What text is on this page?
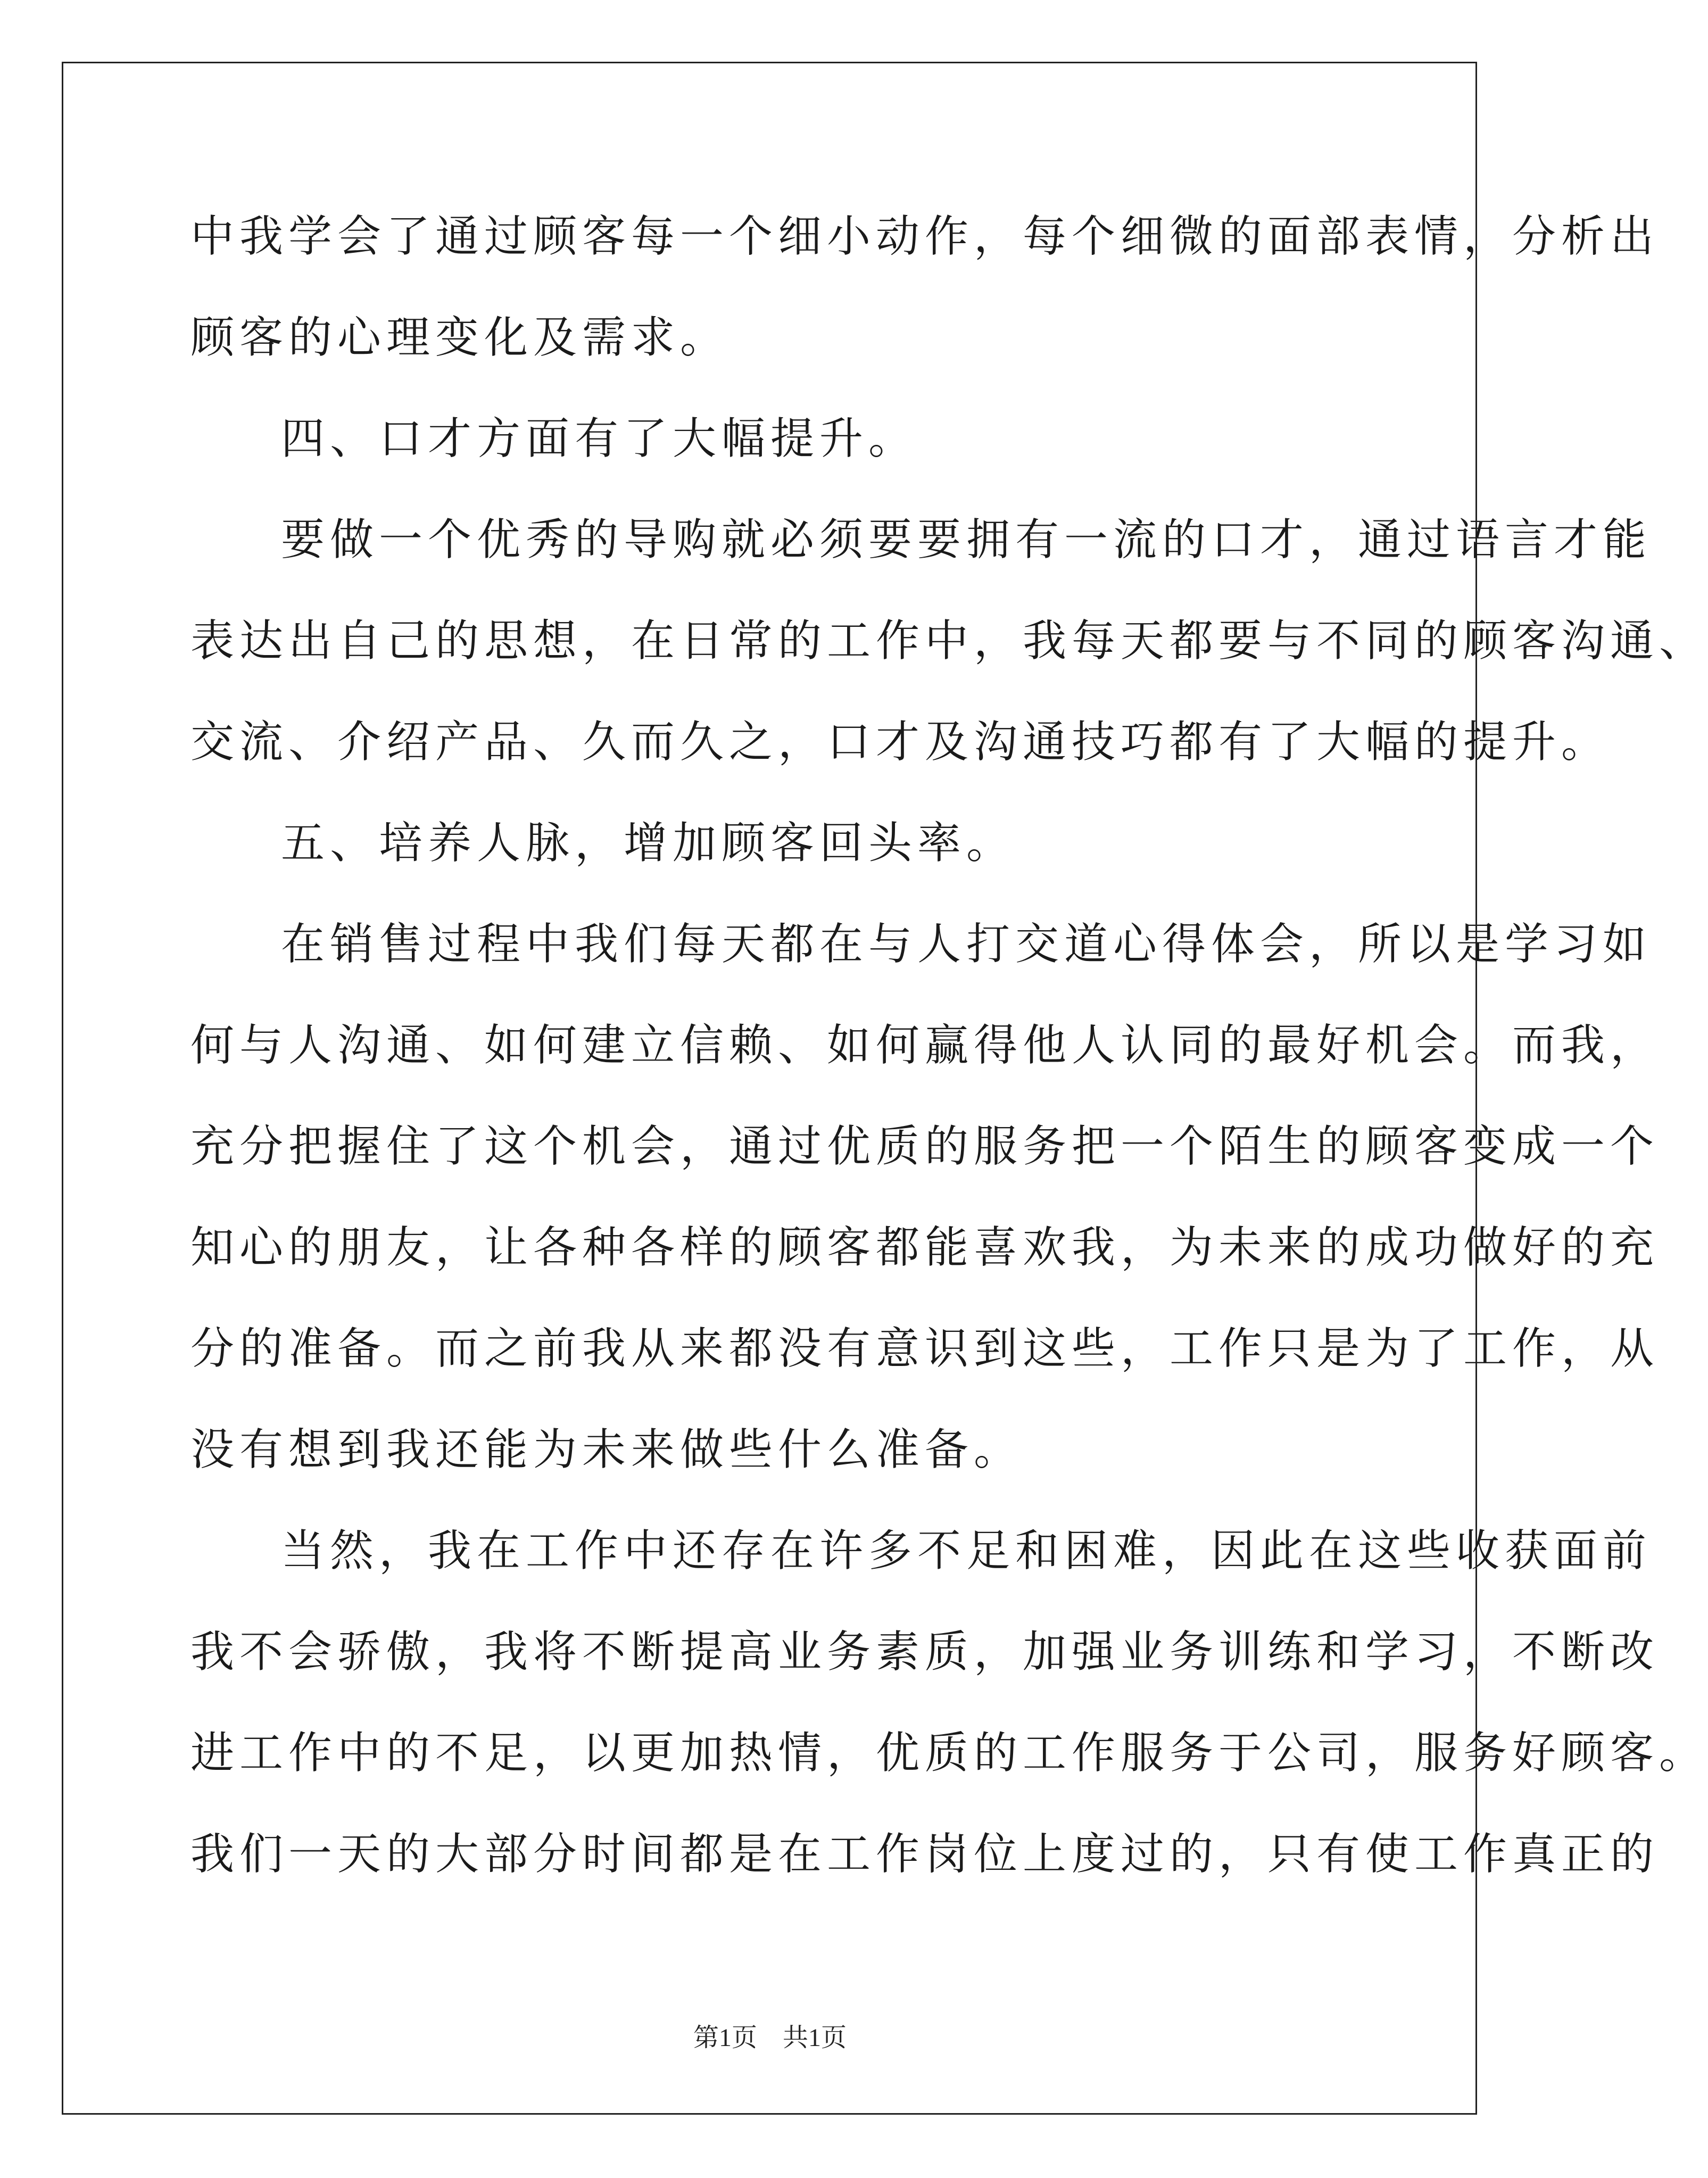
中我学会了通过顾客每一个细小动作，每个细微的面部表情，分析出
顾客的心理变化及需求。
四、口才方面有了大幅提升。
要做一个优秀的导购就必须要要拥有一流的口才，通过语言才能
表达出自己的思想，在日常的工作中，我每天都要与不同的顾客沟通、
交流、介绍产品、久而久之，口才及沟通技巧都有了大幅的提升。
五、培养人脉，增加顾客回头率。
在销售过程中我们每天都在与人打交道心得体会，所以是学习如
何与人沟通、如何建立信赖、如何赢得他人认同的最好机会。而我，
充分把握住了这个机会，通过优质的服务把一个陌生的顾客变成一个
知心的朋友，让各种各样的顾客都能喜欢我，为未来的成功做好的充
分的准备。而之前我从来都没有意识到这些，工作只是为了工作，从
没有想到我还能为未来做些什么准备。
当然，我在工作中还存在许多不足和困难，因此在这些收获面前
我不会骄傲，我将不断提高业务素质，加强业务训练和学习，不断改
进工作中的不足，以更加热情，优质的工作服务于公司，服务好顾客。
我们一天的大部分时间都是在工作岗位上度过的，只有使工作真正的
第1页 共1页
